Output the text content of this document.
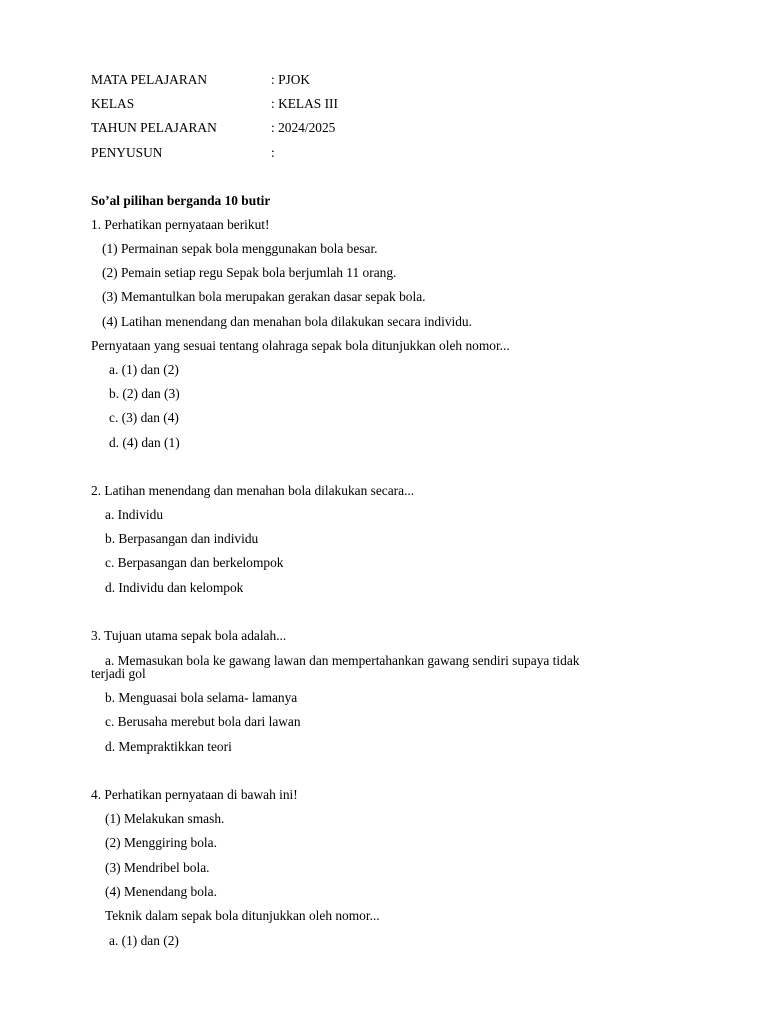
MATA PELAJARAN	: PJOK
KELAS	: KELAS III
TAHUN PELAJARAN	: 2024/2025
PENYUSUN	:
So’al pilihan berganda 10 butir
1. Perhatikan pernyataan berikut!
(1) Permainan sepak bola menggunakan bola besar.
(2) Pemain setiap regu Sepak bola berjumlah 11 orang.
(3) Memantulkan bola merupakan gerakan dasar sepak bola.
(4) Latihan menendang dan menahan bola dilakukan secara individu.
Pernyataan yang sesuai tentang olahraga sepak bola ditunjukkan oleh nomor...
a. (1) dan (2)
b. (2) dan (3)
c. (3) dan (4)
d. (4) dan (1)
2. Latihan menendang dan menahan bola dilakukan secara...
a. Individu
b. Berpasangan dan individu
c. Berpasangan dan berkelompok
d. Individu dan kelompok
3. Tujuan utama sepak bola adalah...
a. Memasukan bola ke gawang lawan dan mempertahankan gawang sendiri supaya tidak
terjadi gol
b. Menguasai bola selama- lamanya
c. Berusaha merebut bola dari lawan
d. Mempraktikkan teori
4. Perhatikan pernyataan di bawah ini!
(1) Melakukan smash.
(2) Menggiring bola.
(3) Mendribel bola.
(4) Menendang bola.
Teknik dalam sepak bola ditunjukkan oleh nomor...
a. (1) dan (2)
